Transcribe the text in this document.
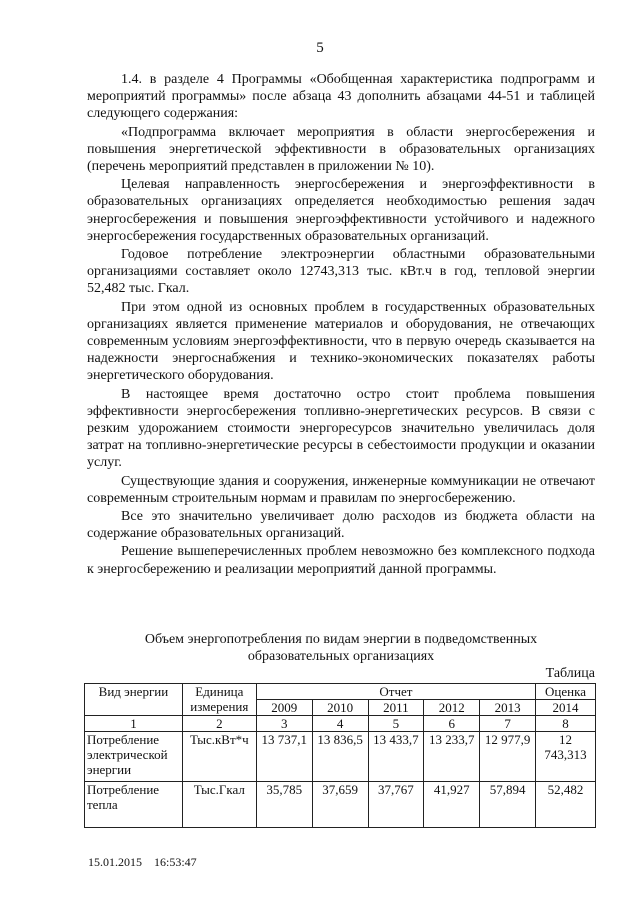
5

1.4. в разделе 4 Программы «Обобщенная характеристика подпрограмм и мероприятий программы» после абзаца 43 дополнить абзацами 44-51 и таблицей следующего содержания:

«Подпрограмма включает мероприятия в области энергосбережения и повышения энергетической эффективности в образовательных организациях (перечень мероприятий представлен в приложении № 10).

Целевая направленность энергосбережения и энергоэффективности в образовательных организациях определяется необходимостью решения задач энергосбережения и повышения энергоэффективности устойчивого и надежного энергосбережения государственных образовательных организаций.

Годовое потребление электроэнергии областными образовательными организациями составляет около 12743,313 тыс. кВт.ч в год, тепловой энергии 52,482 тыс. Гкал.

При этом одной из основных проблем в государственных образовательных организациях является применение материалов и оборудования, не отвечающих современным условиям энергоэффективности, что в первую очередь сказывается на надежности энергоснабжения и технико-экономических показателях работы энергетического оборудования.

В настоящее время достаточно остро стоит проблема повышения эффективности энергосбережения топливно-энергетических ресурсов. В связи с резким удорожанием стоимости энергоресурсов значительно увеличилась доля затрат на топливно-энергетические ресурсы в себестоимости продукции и оказании услуг.

Существующие здания и сооружения, инженерные коммуникации не отвечают современным строительным нормам и правилам по энергосбережению.

Все это значительно увеличивает долю расходов из бюджета области на содержание образовательных организаций.

Решение вышеперечисленных проблем невозможно без комплексного подхода к энергосбережению и реализации мероприятий данной программы.

Объем энергопотребления по видам энергии в подведомственных
образовательных организациях
Таблица
Вид энергии	Единица измерения	Отчет					Оценка
		2009	2010	2011	2012	2013	2014
1	2	3	4	5	6	7	8
Потребление электрической энергии	Тыс.кВт*ч	13 737,1	13 836,5	13 433,7	13 233,7	12 977,9	12 743,313
Потребление тепла	Тыс.Гкал	35,785	37,659	37,767	41,927	57,894	52,482
15.01.2015 16:53:47
